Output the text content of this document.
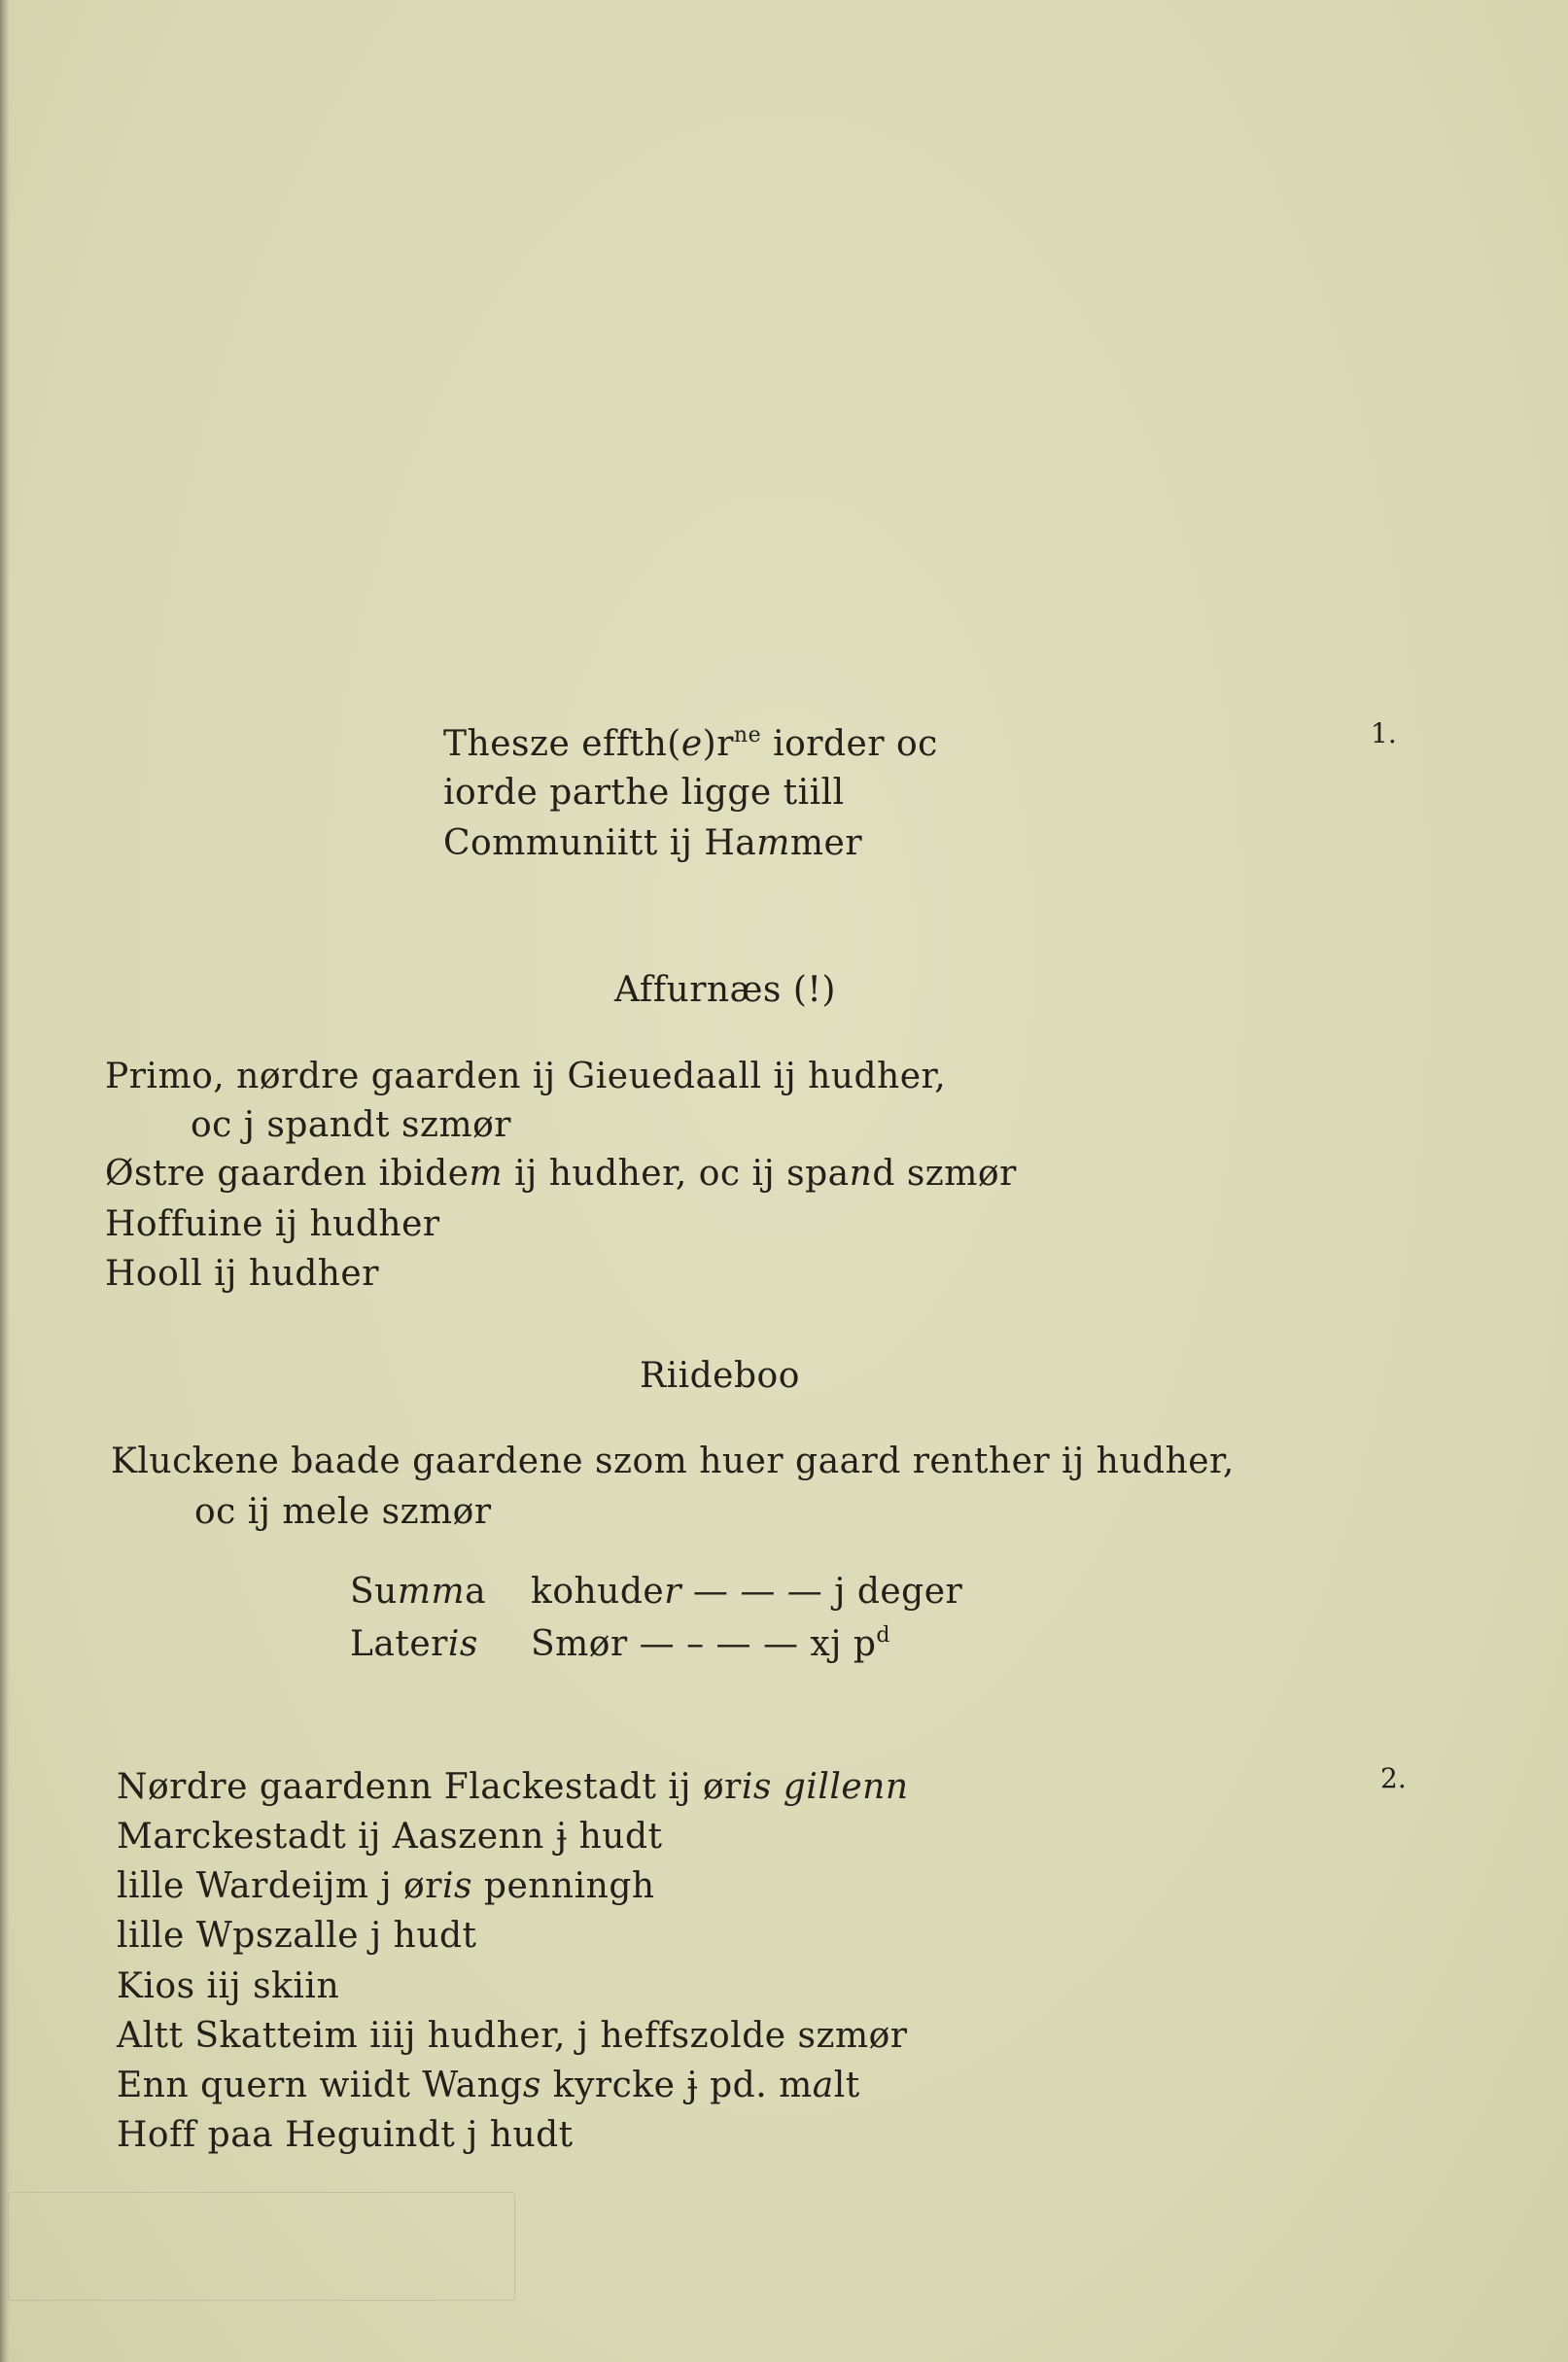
Thesze $effth(e)r^{ne}$ iorder oc
iorde parthe ligge tiill
Communiitt ij Hammer
1.
Affurnæs (!)
Primo, nørdre gaarden ij Gieuedaall ij hudher,
oc j spandt szmør
Østre gaarden ibidem ij hudher, oc ij spand szmør
Hoffuine ij hudher
Hooll ij hudher
Riideboo
Kluckene baade gaardene szom huer gaard renther ij hudher,
oc ij mele szmør
Summa kohuder — — — j deger
Lateris Smør — – — — xj $p^d$
2.
Nørdre gaardenn Flackestadt ij øris gillenn
Marckestadt ij Aaszenn ɉ hudt
lille Wardeijm j øris penningh
lille Wpszalle j hudt
Kios iij skiin
Altt Skatteim iiij hudher, j heffszolde szmør
Enn quern wiidt Wangs kyrcke ɉ pd. malt
Hoff paa Heguindt j hudt
